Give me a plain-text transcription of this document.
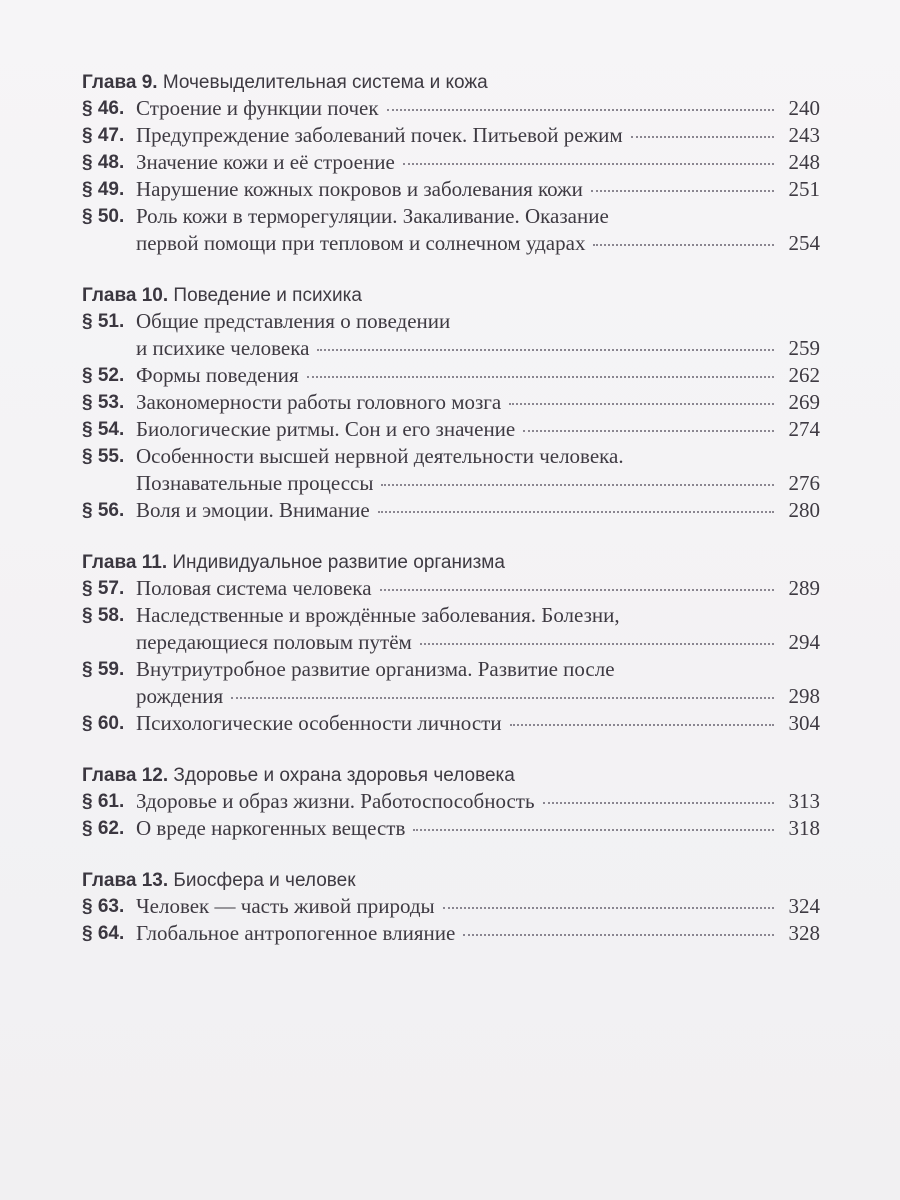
Глава 9. Мочевыделительная система и кожа
§ 46. Строение и функции почек	240
§ 47. Предупреждение заболеваний почек. Питьевой режим	243
§ 48. Значение кожи и её строение	248
§ 49. Нарушение кожных покровов и заболевания кожи	251
§ 50. Роль кожи в терморегуляции. Закаливание. Оказание
первой помощи при тепловом и солнечном ударах	254
Глава 10. Поведение и психика
§ 51. Общие представления о поведении
и психике человека	259
§ 52. Формы поведения	262
§ 53. Закономерности работы головного мозга	269
§ 54. Биологические ритмы. Сон и его значение	274
§ 55. Особенности высшей нервной деятельности человека.
Познавательные процессы	276
§ 56. Воля и эмоции. Внимание	280
Глава 11. Индивидуальное развитие организма
§ 57. Половая система человека	289
§ 58. Наследственные и врождённые заболевания. Болезни,
передающиеся половым путём	294
§ 59. Внутриутробное развитие организма. Развитие после
рождения	298
§ 60. Психологические особенности личности	304
Глава 12. Здоровье и охрана здоровья человека
§ 61. Здоровье и образ жизни. Работоспособность	313
§ 62. О вреде наркогенных веществ	318
Глава 13. Биосфера и человек
§ 63. Человек — часть живой природы	324
§ 64. Глобальное антропогенное влияние	328
